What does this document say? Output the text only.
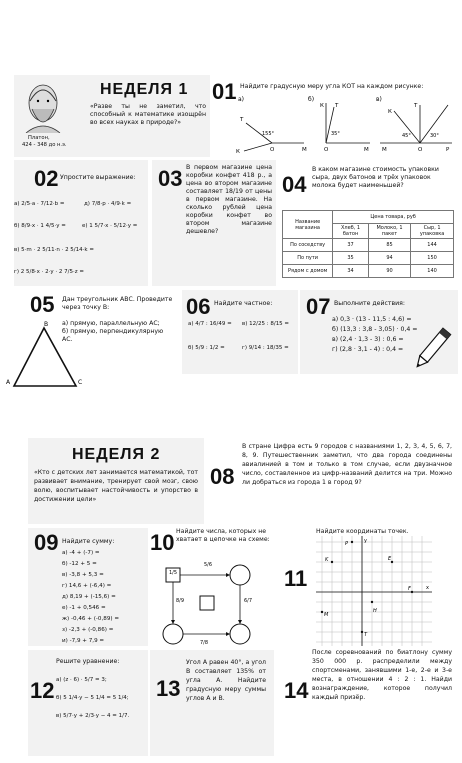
Платон,
424 - 348 до н.э.
НЕДЕЛЯ 1
«Разве ты не заметил, что способный к математике изощрён во всех науках в природе?»
01 Найдите градусную меру угла КОТ на каждом рисунке:
а)
155°
Т
К	О	М
б)
35°
К Т
О	М
в)
45°	30°
К
Т
М	О	Р
02 Упростите выражение:
а) 2/5·a · 7/12·b =	д) 7/8·p · 4/9·k =
б) 8/9·x · 1 4/5·y =	е) 1 5/7·x · 5/12·y =
в) 5·m · 2 5/11·n · 2 5/14·k =
г) 2 5/8·x · 2·y · 2 7/5·z =
03 В первом магазине цена коробки конфет 418 р., а цена во втором магазине составляет 18/19 от цены в первом магазине. На сколько рублей цена коробки конфет во втором магазине дешевле?
04
В каком магазине стоимость упаковки сыра, двух батонов и трёх упаковок молока будет наименьшей?
Название магазина	Цена товара, руб		
	Хлеб, 1 батон	Молоко, 1 пакет	Сыр, 1 упаковка
По соседству	37	85	144
По пути	35	94	150
Рядом с домом	34	90	140
05 Дан треугольник АВС. Проведите через точку В:
а) прямую, параллельную АС;
б) прямую, перпендикулярную АС.
B
A	C
06 Найдите частное:
а) 4/7 : 16/49 = в) 12/25 : 8/15 =
б) 5/9 : 1/2 =	г) 9/14 : 18/35 =
07 Выполните действия:
а) 0,3 · (13 - 11,5 : 4,6) =
б) (13,3 : 3,8 - 3,05) · 0,4 =
в) (2,4 · 1,3 - 3) : 0,6 =
г) (2,8 · 3,1 - 4) : 0,4 =
НЕДЕЛЯ 2
«Кто с детских лет занимается математикой, тот развивает внимание, тренирует свой мозг, свою волю, воспитывает настойчивость и упорство в достижении цели»
08
В стране Цифра есть 9 городов с названиями 1, 2, 3, 4, 5, 6, 7, 8, 9. Путешественник заметил, что два города соединены авиалинией в том и только в том случае, если двузначное число, составленное из цифр-названий делится на три. Можно ли добраться из города 1 в город 9?
09 Найдите сумму:
а) -4 + (-7) =
б) -12 + 5 =
в) -3,8 + 5,3 =
г) 14,6 + (-6,4) =
д) 8,19 + (-15,6) =
е) -1 + 0,546 =
ж) -0,46 + (-0,89) =
з) -2,3 + (-0,86) =
и) -7,9 + 7,9 =
10 Найдите числа, которых не хватает в цепочке на схеме:
1/5
5/6
6/7
7/8
8/9
Найдите координаты точек.
11	x
y
P
K	E
F
M
H
T
Решите уравнение:
12 а) (z · 6) · 5/7 = 3;
б) 5 1/4·y − 5 1/4 = 5 1/4;
в) 5/7·y + 2/3·y − 4 = 1/7.
13
Угол А равен 40°, а угол В составляет 135% от угла А. Найдите градусную меру суммы углов А и В.	14
После соревнований по биатлону сумму 350 000 р. распределили между спортсменами, занявшими 1-е, 2-е и 3-е места, в отношении 4 : 2 : 1. Найди вознаграждение, которое получил каждый призёр.
